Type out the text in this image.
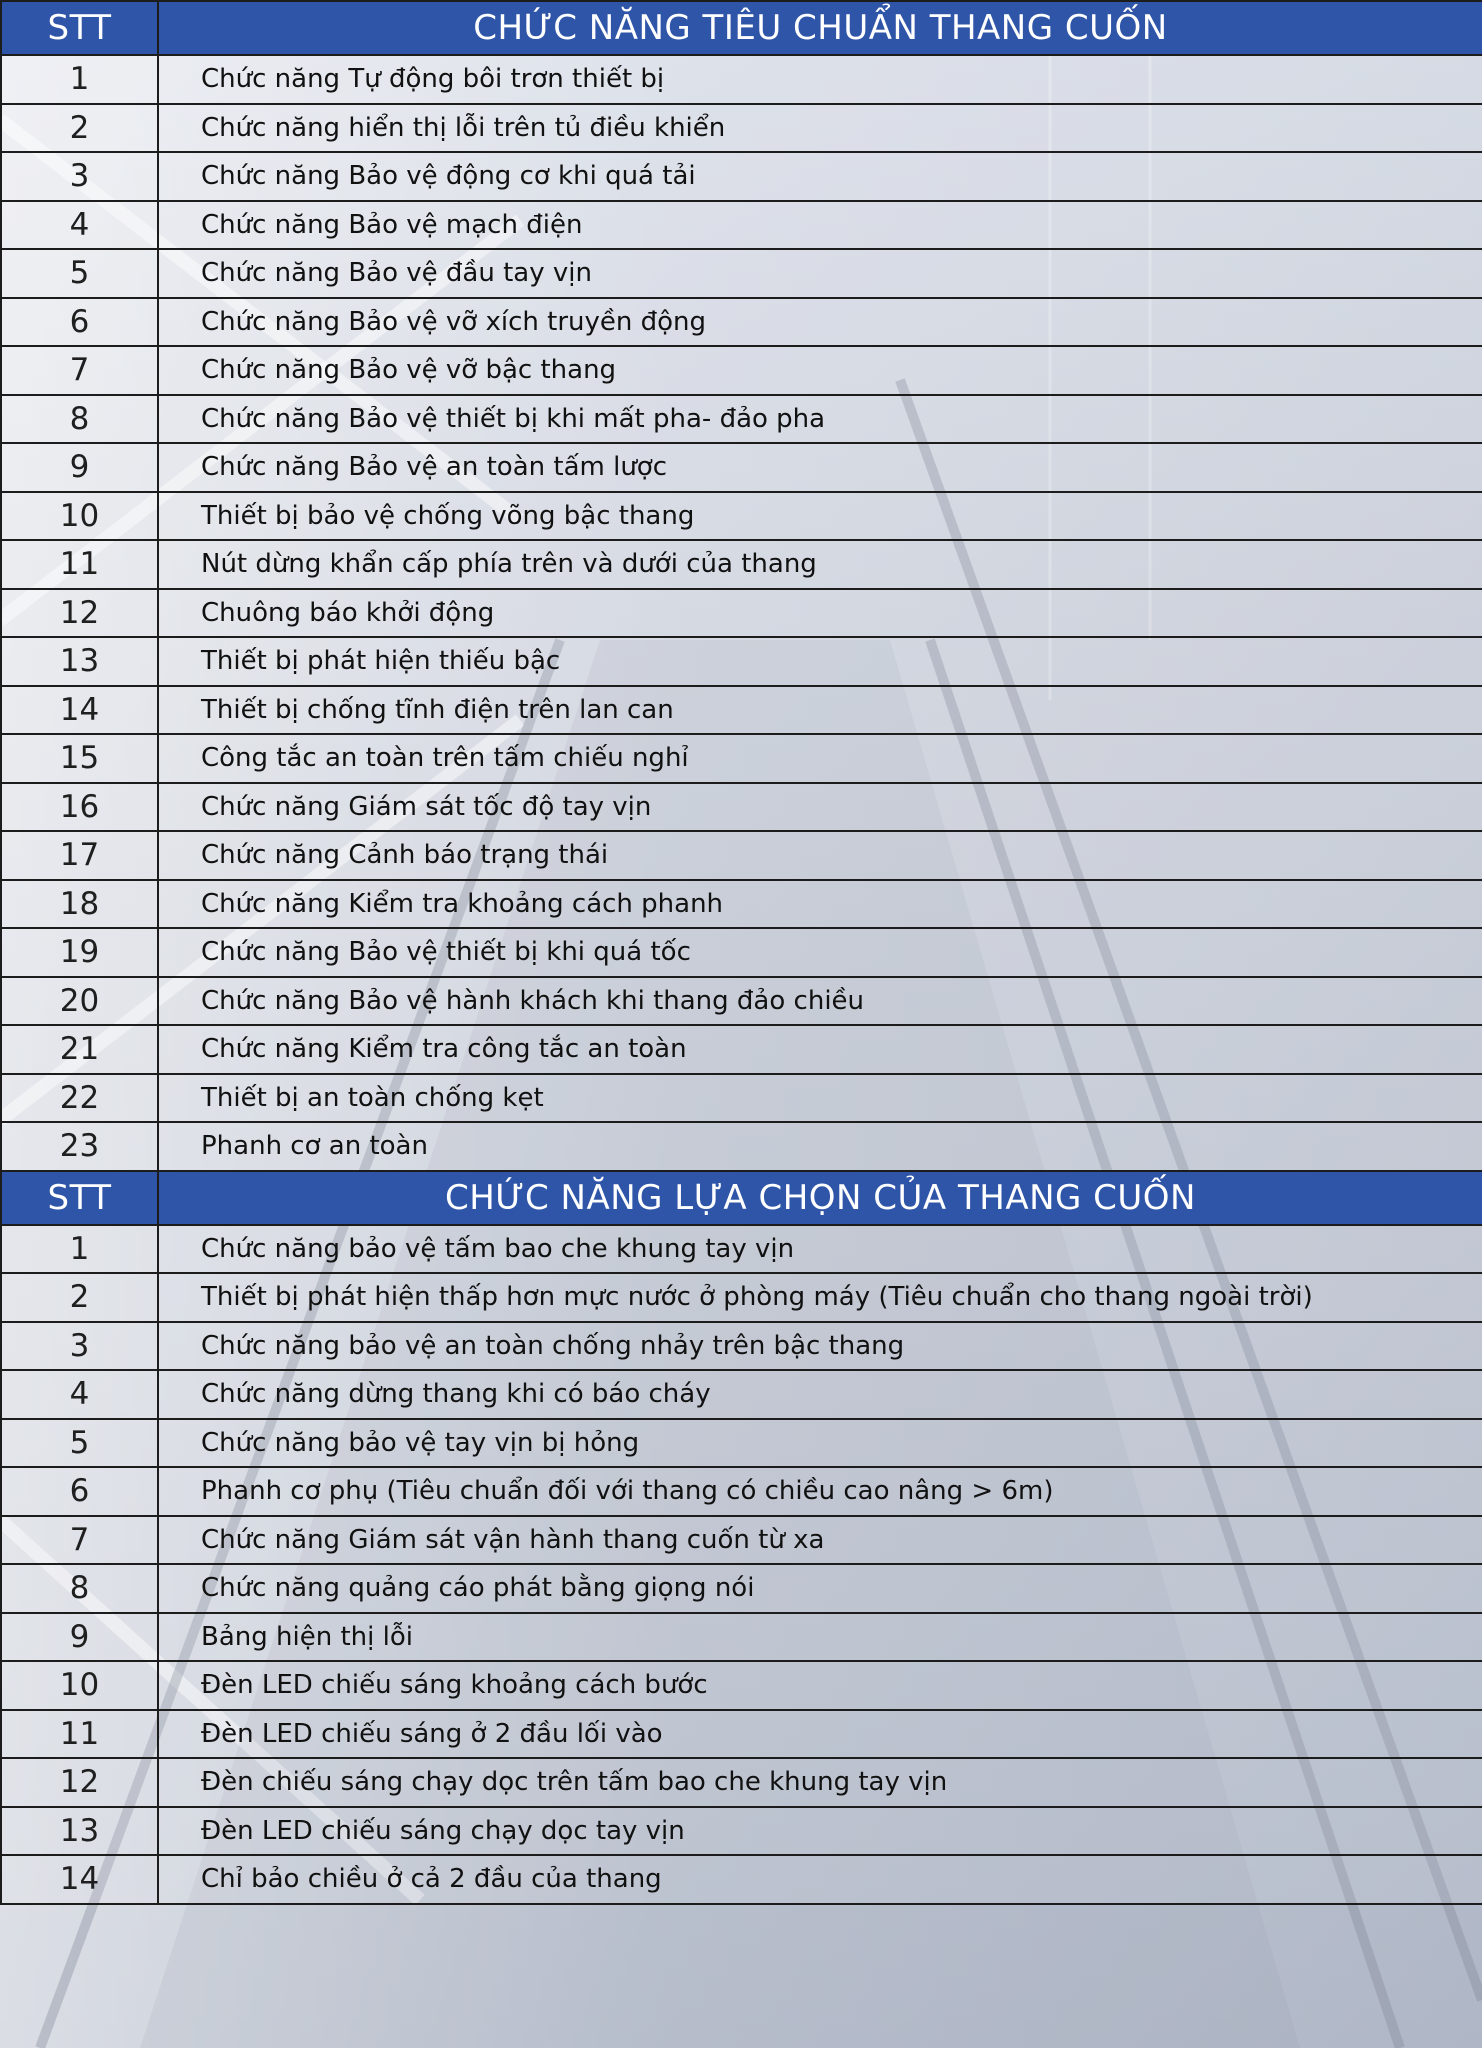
STT	CHỨC NĂNG TIÊU CHUẨN THANG CUỐN
1	Chức năng Tự động bôi trơn thiết bị
2	Chức năng hiển thị lỗi trên tủ điều khiển
3	Chức năng Bảo vệ động cơ khi quá tải
4	Chức năng Bảo vệ mạch điện
5	Chức năng Bảo vệ đầu tay vịn
6	Chức năng Bảo vệ vỡ xích truyền động
7	Chức năng Bảo vệ vỡ bậc thang
8	Chức năng Bảo vệ thiết bị khi mất pha- đảo pha
9	Chức năng Bảo vệ an toàn tấm lược
10	Thiết bị bảo vệ chống võng bậc thang
11	Nút dừng khẩn cấp phía trên và dưới của thang
12	Chuông báo khởi động
13	Thiết bị phát hiện thiếu bậc
14	Thiết bị chống tĩnh điện trên lan can
15	Công tắc an toàn trên tấm chiếu nghỉ
16	Chức năng Giám sát tốc độ tay vịn
17	Chức năng Cảnh báo trạng thái
18	Chức năng Kiểm tra khoảng cách phanh
19	Chức năng Bảo vệ thiết bị khi quá tốc
20	Chức năng Bảo vệ hành khách khi thang đảo chiều
21	Chức năng Kiểm tra công tắc an toàn
22	Thiết bị an toàn chống kẹt
23	Phanh cơ an toàn
STT	CHỨC NĂNG LỰA CHỌN CỦA THANG CUỐN
1	Chức năng bảo vệ tấm bao che khung tay vịn
2	Thiết bị phát hiện thấp hơn mực nước ở phòng máy (Tiêu chuẩn cho thang ngoài trời)
3	Chức năng bảo vệ an toàn chống nhảy trên bậc thang
4	Chức năng dừng thang khi có báo cháy
5	Chức năng bảo vệ tay vịn bị hỏng
6	Phanh cơ phụ (Tiêu chuẩn đối với thang có chiều cao nâng > 6m)
7	Chức năng Giám sát vận hành thang cuốn từ xa
8	Chức năng quảng cáo phát bằng giọng nói
9	Bảng hiện thị lỗi
10	Đèn LED chiếu sáng khoảng cách bước
11	Đèn LED chiếu sáng ở 2 đầu lối vào
12	Đèn chiếu sáng chạy dọc trên tấm bao che khung tay vịn
13	Đèn LED chiếu sáng chạy dọc tay vịn
14	Chỉ bảo chiều ở cả 2 đầu của thang
